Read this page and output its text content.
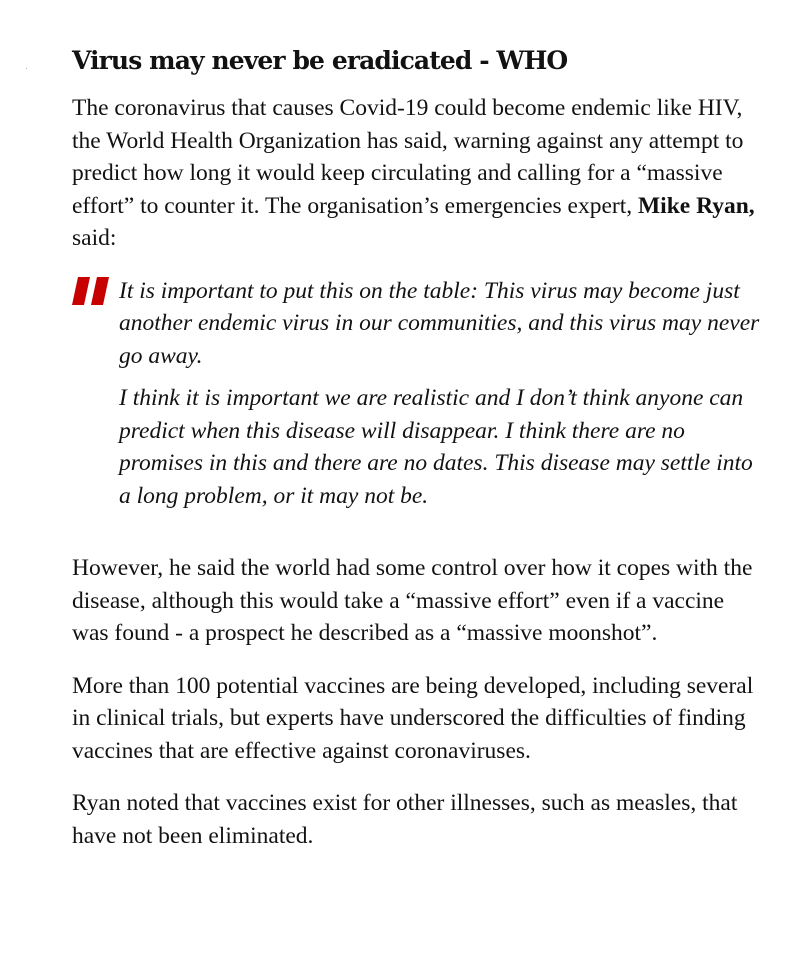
Virus may never be eradicated - WHO

The coronavirus that causes Covid-19 could become endemic like HIV, the World Health Organization has said, warning against any attempt to predict how long it would keep circulating and calling for a “massive effort” to counter it. The organisation’s emergencies expert, Mike Ryan, said:

It is important to put this on the table: This virus may become just another endemic virus in our communities, and this virus may never go away.

I think it is important we are realistic and I don’t think anyone can predict when this disease will disappear. I think there are no promises in this and there are no dates. This disease may settle into a long problem, or it may not be.

However, he said the world had some control over how it copes with the disease, although this would take a “massive effort” even if a vaccine was found - a prospect he described as a “massive moonshot”.

More than 100 potential vaccines are being developed, including several in clinical trials, but experts have underscored the difficulties of finding vaccines that are effective against coronaviruses.

Ryan noted that vaccines exist for other illnesses, such as measles, that have not been eliminated.
